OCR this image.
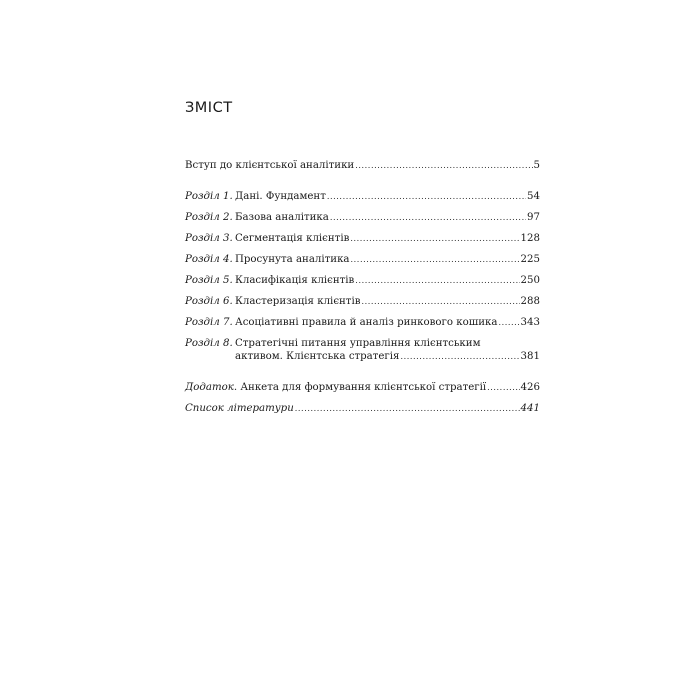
ЗМІСТ
Вступ до клієнтської аналітики .....	5
Розділ 1. Дані. Фундамент .....	54
Розділ 2. Базова аналітика .....	97
Розділ 3. Сегментація клієнтів .....	128
Розділ 4. Просунута аналітика .....	225
Розділ 5. Класифікація клієнтів .....	250
Розділ 6. Кластеризація клієнтів .....	288
Розділ 7. Асоціативні правила й аналіз ринкового кошика ..... 343
Розділ 8. Стратегічні питання управління клієнтським
активом. Клієнтська стратегія .....	381
Додаток. Анкета для формування клієнтської стратегії .....	426
Список літератури .....	441
